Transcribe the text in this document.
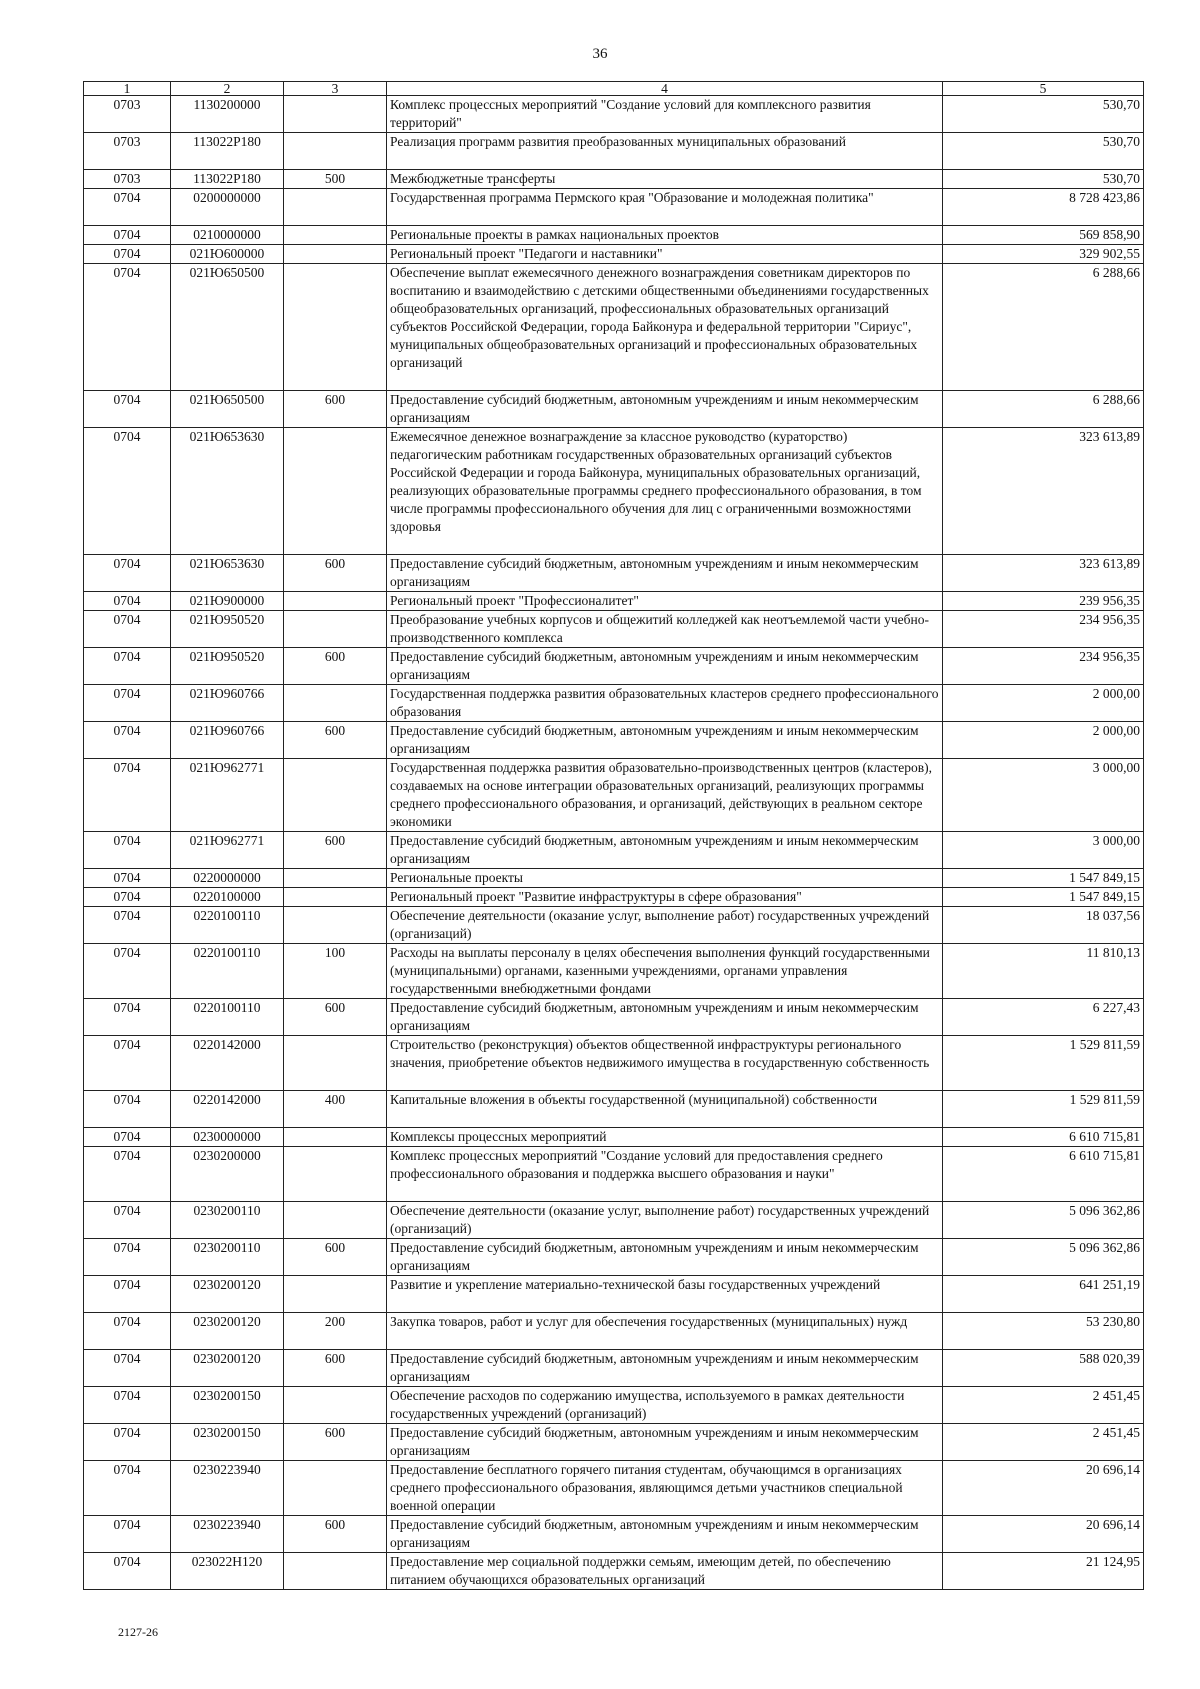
36
1	2	3	4	5
0703	1130200000		Комплекс процессных мероприятий "Создание условий для комплексного развития территорий"	530,70
0703	113022P180		Реализация программ развития преобразованных муниципальных образований	530,70
0703	113022P180	500	Межбюджетные трансферты	530,70
0704	0200000000		Государственная программа Пермского края "Образование и молодежная политика"	8 728 423,86
0704	0210000000		Региональные проекты в рамках национальных проектов	569 858,90
0704	021Ю600000		Региональный проект "Педагоги и наставники"	329 902,55
0704	021Ю650500		Обеспечение выплат ежемесячного денежного вознаграждения советникам директоров по воспитанию и взаимодействию с детскими общественными объединениями государственных общеобразовательных организаций, профессиональных образовательных организаций субъектов Российской Федерации, города Байконура и федеральной территории "Сириус", муниципальных общеобразовательных организаций и профессиональных образовательных организаций	6 288,66
0704	021Ю650500	600	Предоставление субсидий бюджетным, автономным учреждениям и иным некоммерческим организациям	6 288,66
0704	021Ю653630		Ежемесячное денежное вознаграждение за классное руководство (кураторство) педагогическим работникам государственных образовательных организаций субъектов Российской Федерации и города Байконура, муниципальных образовательных организаций, реализующих образовательные программы среднего профессионального образования, в том числе программы профессионального обучения для лиц с ограниченными возможностями здоровья	323 613,89
0704	021Ю653630	600	Предоставление субсидий бюджетным, автономным учреждениям и иным некоммерческим организациям	323 613,89
0704	021Ю900000		Региональный проект "Профессионалитет"	239 956,35
0704	021Ю950520		Преобразование учебных корпусов и общежитий колледжей как неотъемлемой части учебно-производственного комплекса	234 956,35
0704	021Ю950520	600	Предоставление субсидий бюджетным, автономным учреждениям и иным некоммерческим организациям	234 956,35
0704	021Ю960766		Государственная поддержка развития образовательных кластеров среднего профессионального образования	2 000,00
0704	021Ю960766	600	Предоставление субсидий бюджетным, автономным учреждениям и иным некоммерческим организациям	2 000,00
0704	021Ю962771		Государственная поддержка развития образовательно-производственных центров (кластеров), создаваемых на основе интеграции образовательных организаций, реализующих программы среднего профессионального образования, и организаций, действующих в реальном секторе экономики	3 000,00
0704	021Ю962771	600	Предоставление субсидий бюджетным, автономным учреждениям и иным некоммерческим организациям	3 000,00
0704	0220000000		Региональные проекты	1 547 849,15
0704	0220100000		Региональный проект "Развитие инфраструктуры в сфере образования"	1 547 849,15
0704	0220100110		Обеспечение деятельности (оказание услуг, выполнение работ) государственных учреждений (организаций)	18 037,56
0704	0220100110	100	Расходы на выплаты персоналу в целях обеспечения выполнения функций государственными (муниципальными) органами, казенными учреждениями, органами управления государственными внебюджетными фондами	11 810,13
0704	0220100110	600	Предоставление субсидий бюджетным, автономным учреждениям и иным некоммерческим организациям	6 227,43
0704	0220142000		Строительство (реконструкция) объектов общественной инфраструктуры регионального значения, приобретение объектов недвижимого имущества в государственную собственность	1 529 811,59
0704	0220142000	400	Капитальные вложения в объекты государственной (муниципальной) собственности	1 529 811,59
0704	0230000000		Комплексы процессных мероприятий	6 610 715,81
0704	0230200000		Комплекс процессных мероприятий "Создание условий для предоставления среднего профессионального образования и поддержка высшего образования и науки"	6 610 715,81
0704	0230200110		Обеспечение деятельности (оказание услуг, выполнение работ) государственных учреждений (организаций)	5 096 362,86
0704	0230200110	600	Предоставление субсидий бюджетным, автономным учреждениям и иным некоммерческим организациям	5 096 362,86
0704	0230200120		Развитие и укрепление материально-технической базы государственных учреждений	641 251,19
0704	0230200120	200	Закупка товаров, работ и услуг для обеспечения государственных (муниципальных) нужд	53 230,80
0704	0230200120	600	Предоставление субсидий бюджетным, автономным учреждениям и иным некоммерческим организациям	588 020,39
0704	0230200150		Обеспечение расходов по содержанию имущества, используемого в рамках деятельности государственных учреждений (организаций)	2 451,45
0704	0230200150	600	Предоставление субсидий бюджетным, автономным учреждениям и иным некоммерческим организациям	2 451,45
0704	0230223940		Предоставление бесплатного горячего питания студентам, обучающимся в организациях среднего профессионального образования, являющимся детьми участников специальной военной операции	20 696,14
0704	0230223940	600	Предоставление субсидий бюджетным, автономным учреждениям и иным некоммерческим организациям	20 696,14
0704	023022Н120		Предоставление мер социальной поддержки семьям, имеющим детей, по обеспечению питанием обучающихся образовательных организаций	21 124,95
2127-26
